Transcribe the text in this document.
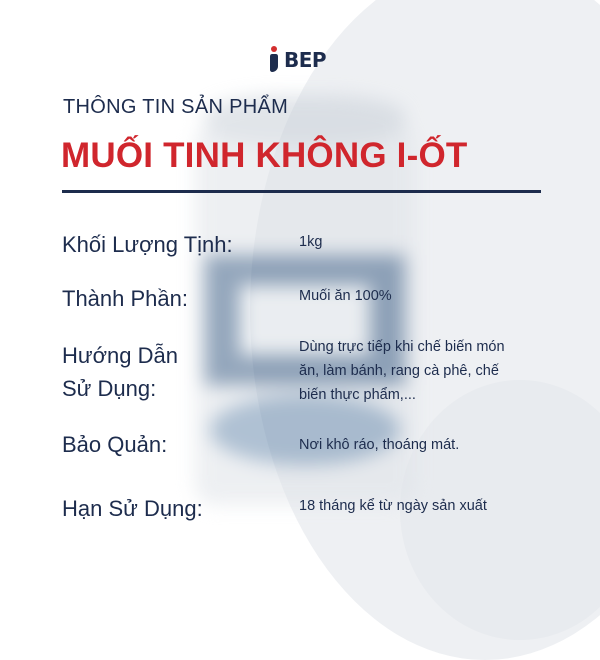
BEP
THÔNG TIN SẢN PHẨM
MUỐI TINH KHÔNG I-ỐT
Khối Lượng Tịnh:	1kg
Thành Phần:	Muối ăn 100%
Hướng Dẫn
Sử Dụng:
Dùng trực tiếp khi chế biến món
ăn, làm bánh, rang cà phê, chế
biến thực phẩm,...
Bảo Quản:	Nơi khô ráo, thoáng mát.
Hạn Sử Dụng:	18 tháng kể từ ngày sản xuất
